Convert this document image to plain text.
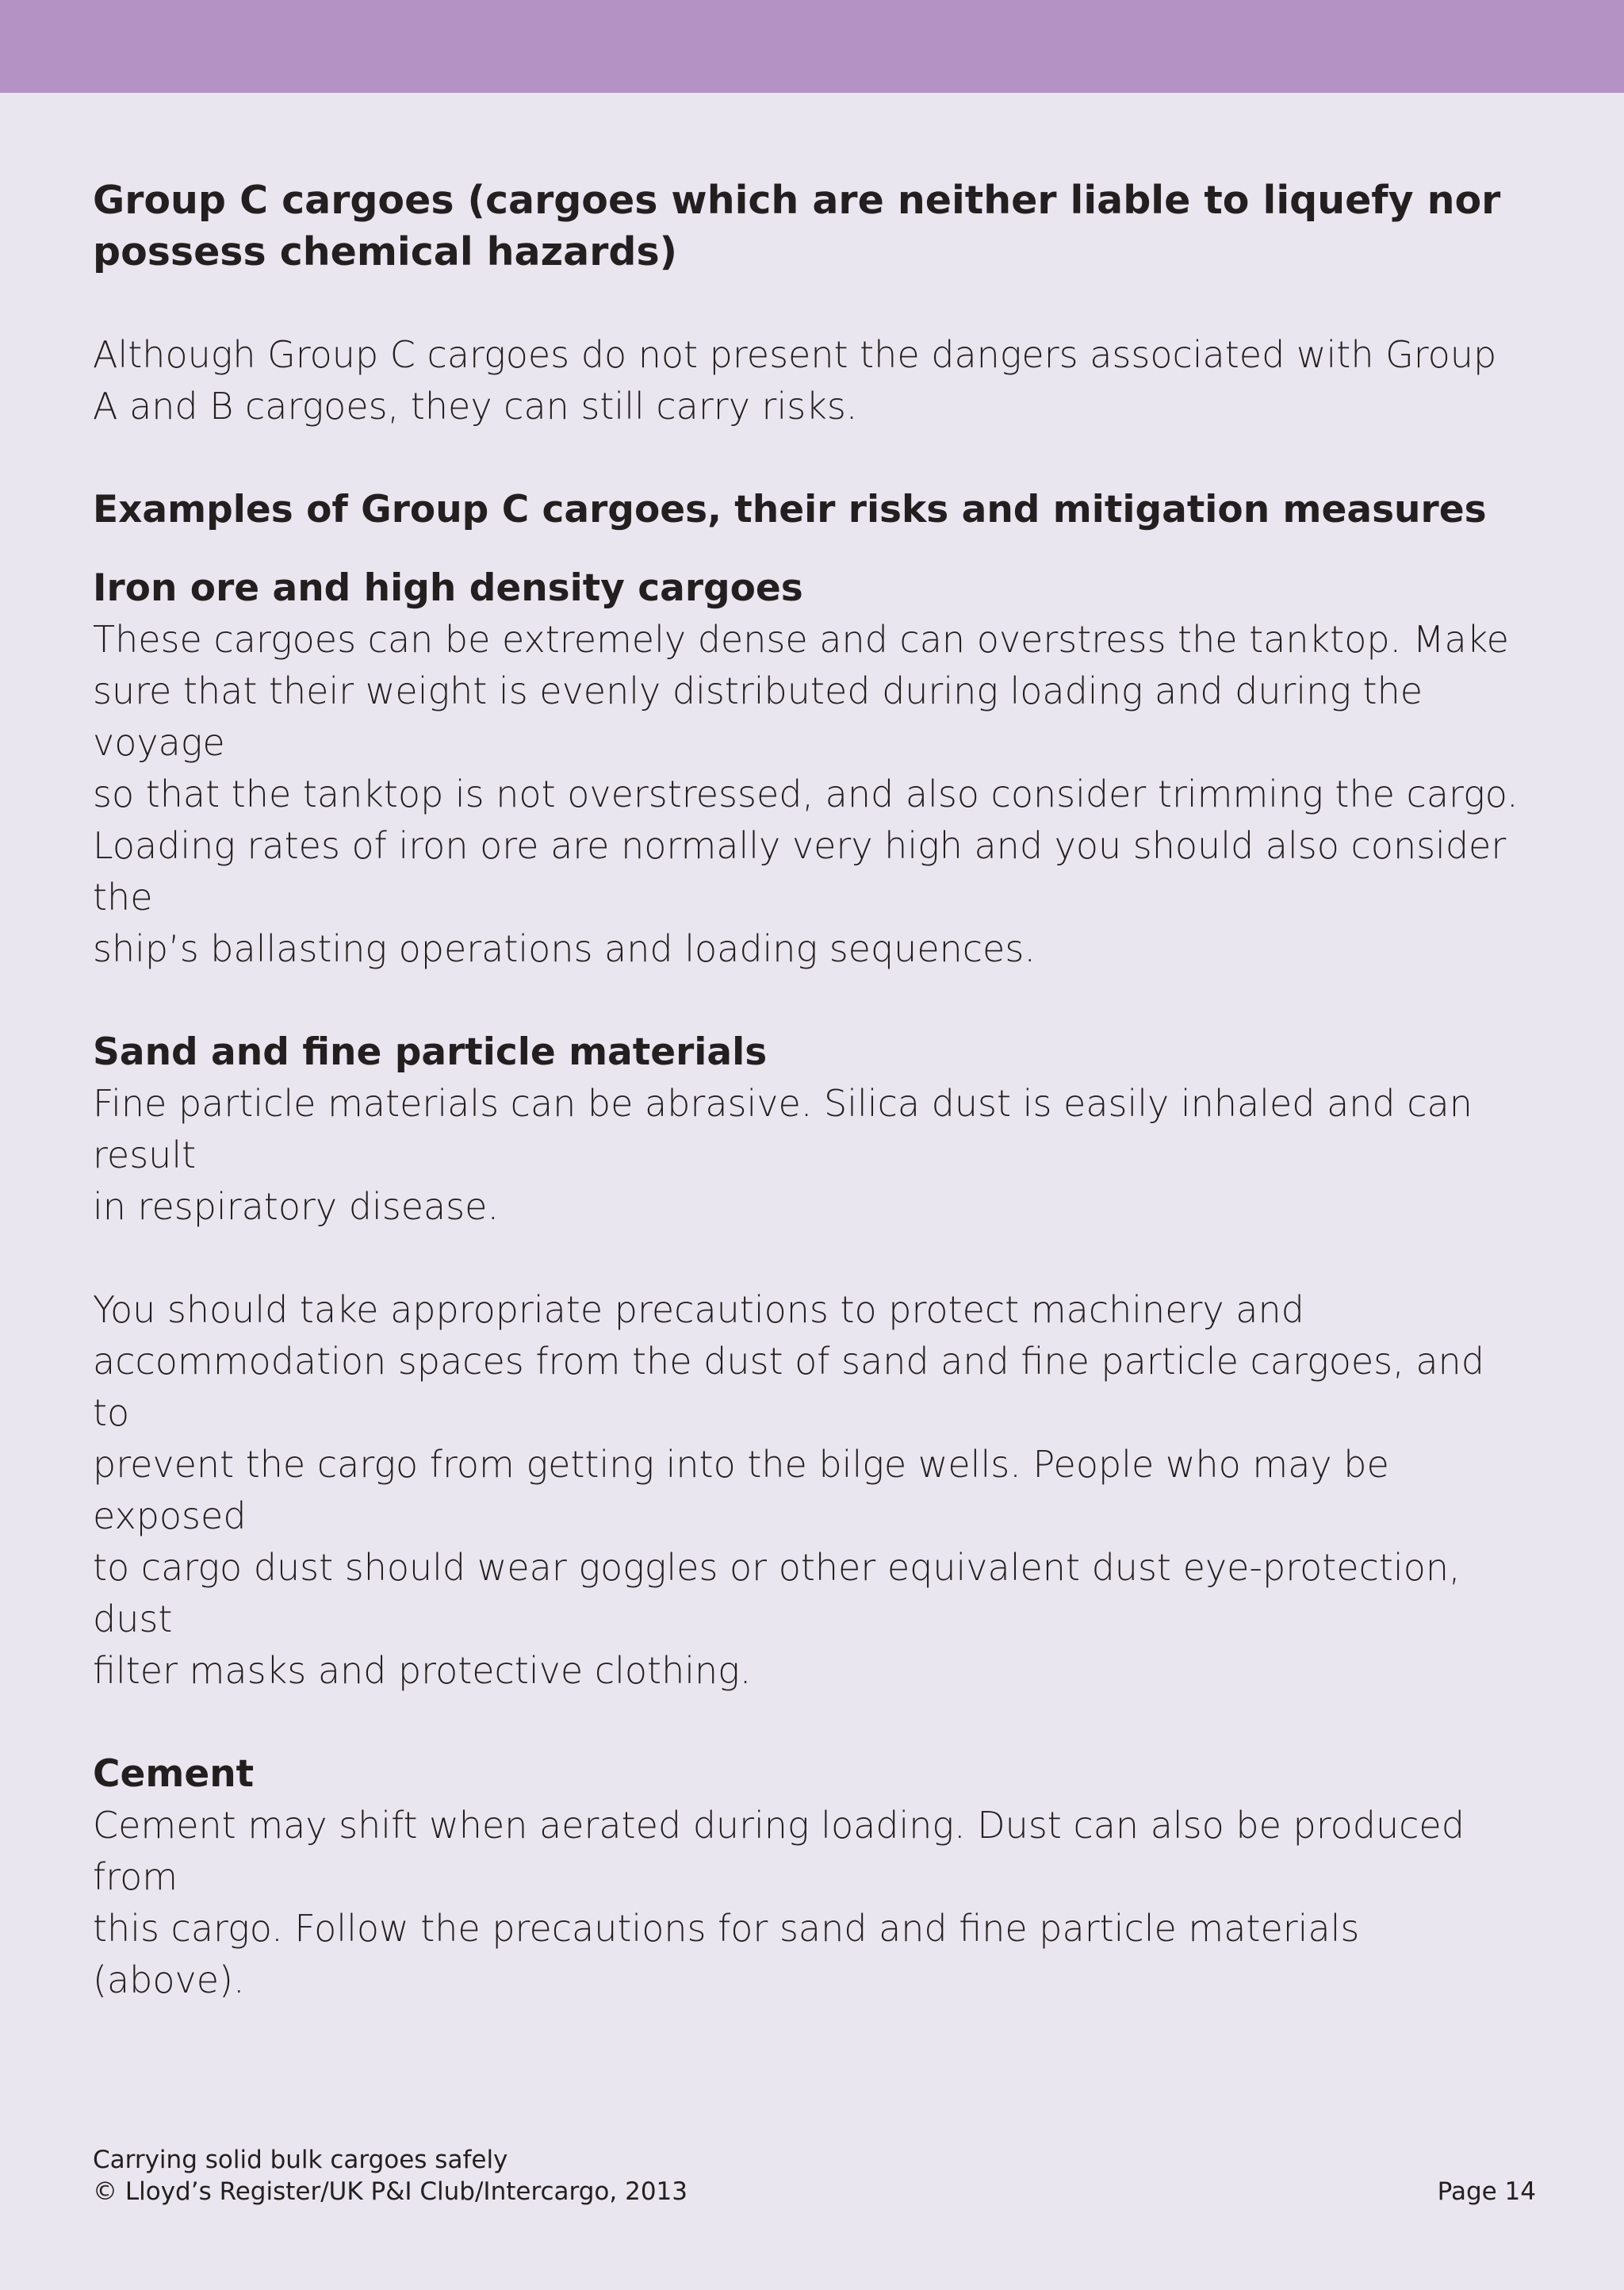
Group C cargoes (cargoes which are neither liable to liquefy nor
possess chemical hazards)

Although Group C cargoes do not present the dangers associated with Group
A and B cargoes, they can still carry risks.

Examples of Group C cargoes, their risks and mitigation measures
Iron ore and high density cargoes

These cargoes can be extremely dense and can overstress the tanktop. Make
sure that their weight is evenly distributed during loading and during the voyage
so that the tanktop is not overstressed, and also consider trimming the cargo.
Loading rates of iron ore are normally very high and you should also consider the
ship’s ballasting operations and loading sequences.

Sand and fine particle materials

Fine particle materials can be abrasive. Silica dust is easily inhaled and can result
in respiratory disease.

You should take appropriate precautions to protect machinery and
accommodation spaces from the dust of sand and fine particle cargoes, and to
prevent the cargo from getting into the bilge wells. People who may be exposed
to cargo dust should wear goggles or other equivalent dust eye-protection, dust
filter masks and protective clothing.

Cement

Cement may shift when aerated during loading. Dust can also be produced from
this cargo. Follow the precautions for sand and fine particle materials (above).

Carrying solid bulk cargoes safely
© Lloyd’s Register/UK P&I Club/Intercargo, 2013	Page 14
